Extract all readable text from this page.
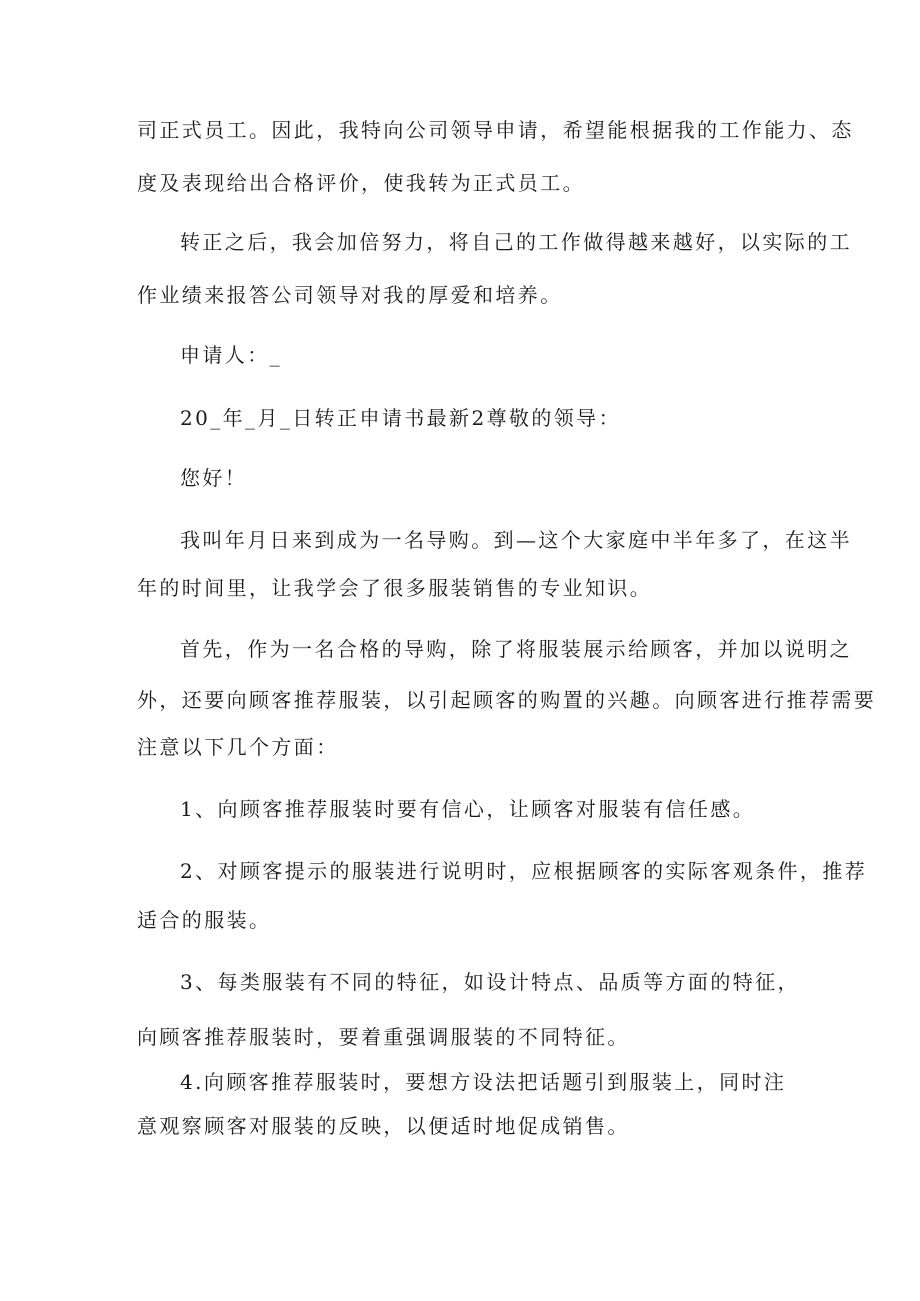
司正式员工。因此，我特向公司领导申请，希望能根据我的工作能力、态
度及表现给出合格评价，使我转为正式员工。
转正之后，我会加倍努力，将自己的工作做得越来越好，以实际的工
作业绩来报答公司领导对我的厚爱和培养。
申请人：_
20_年_月_日转正申请书最新2尊敬的领导：
您好！
我叫年月日来到成为一名导购。到—这个大家庭中半年多了，在这半
年的时间里，让我学会了很多服装销售的专业知识。
首先，作为一名合格的导购，除了将服装展示给顾客，并加以说明之
外，还要向顾客推荐服装，以引起顾客的购置的兴趣。向顾客进行推荐需要
注意以下几个方面：
1、向顾客推荐服装时要有信心，让顾客对服装有信任感。
2、对顾客提示的服装进行说明时，应根据顾客的实际客观条件，推荐
适合的服装。
3、每类服装有不同的特征，如设计特点、品质等方面的特征，
向顾客推荐服装时，要着重强调服装的不同特征。
4.向顾客推荐服装时，要想方设法把话题引到服装上，同时注
意观察顾客对服装的反映，以便适时地促成销售。
